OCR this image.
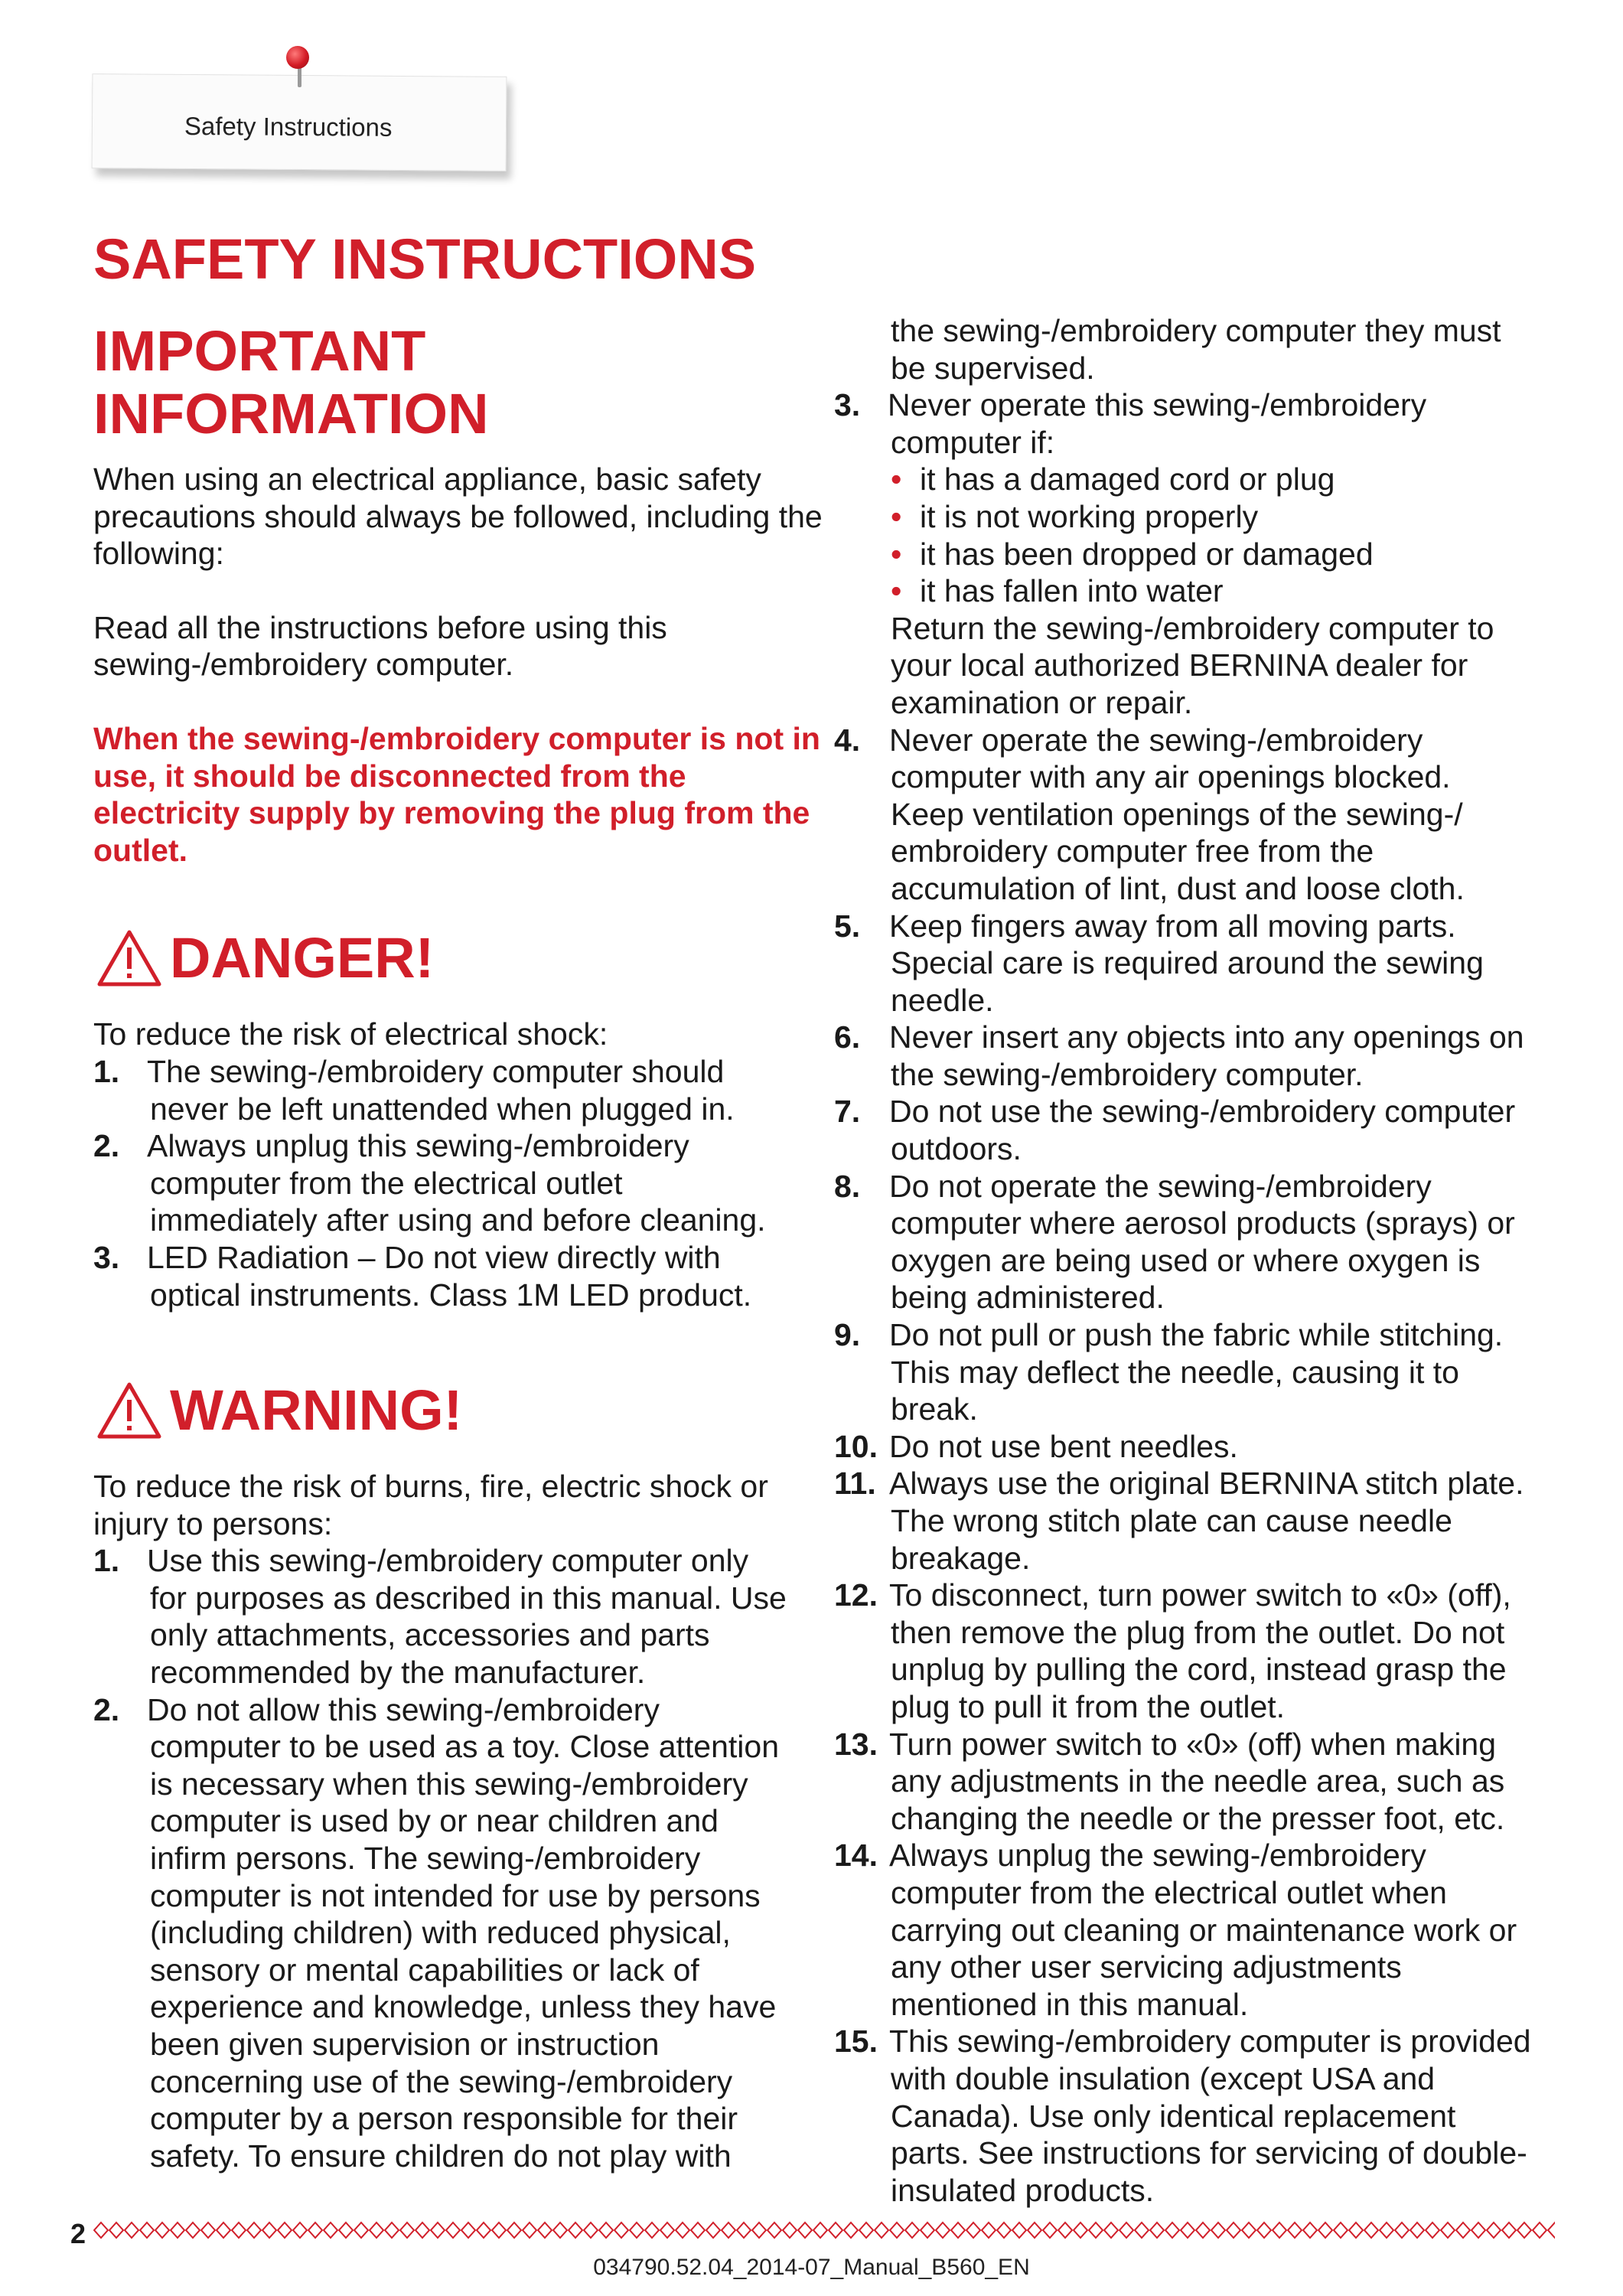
Safety Instructions
SAFETY INSTRUCTIONS
IMPORTANT INFORMATION

When using an electrical appliance, basic safety precautions should always be followed, including the following:

Read all the instructions before using this sewing-/embroidery computer.

When the sewing-/embroidery computer is not in use, it should be disconnected from the electricity supply by removing the plug from the outlet.

DANGER!

To reduce the risk of electrical shock:

1. The sewing-/embroidery computer should

never be left unattended when plugged in.

2. Always unplug this sewing-/embroidery

computer from the electrical outlet

immediately after using and before cleaning.

3. LED Radiation – Do not view directly with

optical instruments. Class 1M LED product.

WARNING!

To reduce the risk of burns, fire, electric shock or

injury to persons:

1. Use this sewing-/embroidery computer only

for purposes as described in this manual. Use

only attachments, accessories and parts

recommended by the manufacturer.

2. Do not allow this sewing-/embroidery

computer to be used as a toy. Close attention

is necessary when this sewing-/embroidery

computer is used by or near children and

infirm persons. The sewing-/embroidery

computer is not intended for use by persons

(including children) with reduced physical,

sensory or mental capabilities or lack of

experience and knowledge, unless they have

been given supervision or instruction

concerning use of the sewing-/embroidery

computer by a person responsible for their

safety. To ensure children do not play with

the sewing-/embroidery computer they must

be supervised.

3. Never operate this sewing-/embroidery

computer if:

• it has a damaged cord or plug
• it is not working properly
• it has been dropped or damaged
• it has fallen into water

Return the sewing-/embroidery computer to

your local authorized BERNINA dealer for

examination or repair.

4. Never operate the sewing-/embroidery

computer with any air openings blocked.

Keep ventilation openings of the sewing-/

embroidery computer free from the

accumulation of lint, dust and loose cloth.

5. Keep fingers away from all moving parts.

Special care is required around the sewing

needle.

6. Never insert any objects into any openings on

the sewing-/embroidery computer.

7. Do not use the sewing-/embroidery computer

outdoors.

8. Do not operate the sewing-/embroidery

computer where aerosol products (sprays) or

oxygen are being used or where oxygen is

being administered.

9. Do not pull or push the fabric while stitching.

This may deflect the needle, causing it to

break.

10. Do not use bent needles.
11. Always use the original BERNINA stitch plate.

The wrong stitch plate can cause needle

breakage.

12. To disconnect, turn power switch to «0» (off),

then remove the plug from the outlet. Do not

unplug by pulling the cord, instead grasp the

plug to pull it from the outlet.

13. Turn power switch to «0» (off) when making

any adjustments in the needle area, such as

changing the needle or the presser foot, etc.

14. Always unplug the sewing-/embroidery

computer from the electrical outlet when

carrying out cleaning or maintenance work or

any other user servicing adjustments

mentioned in this manual.

15. This sewing-/embroidery computer is provided

with double insulation (except USA and

Canada). Use only identical replacement

parts. See instructions for servicing of double-

insulated products.

2
034790.52.04_2014-07_Manual_B560_EN
